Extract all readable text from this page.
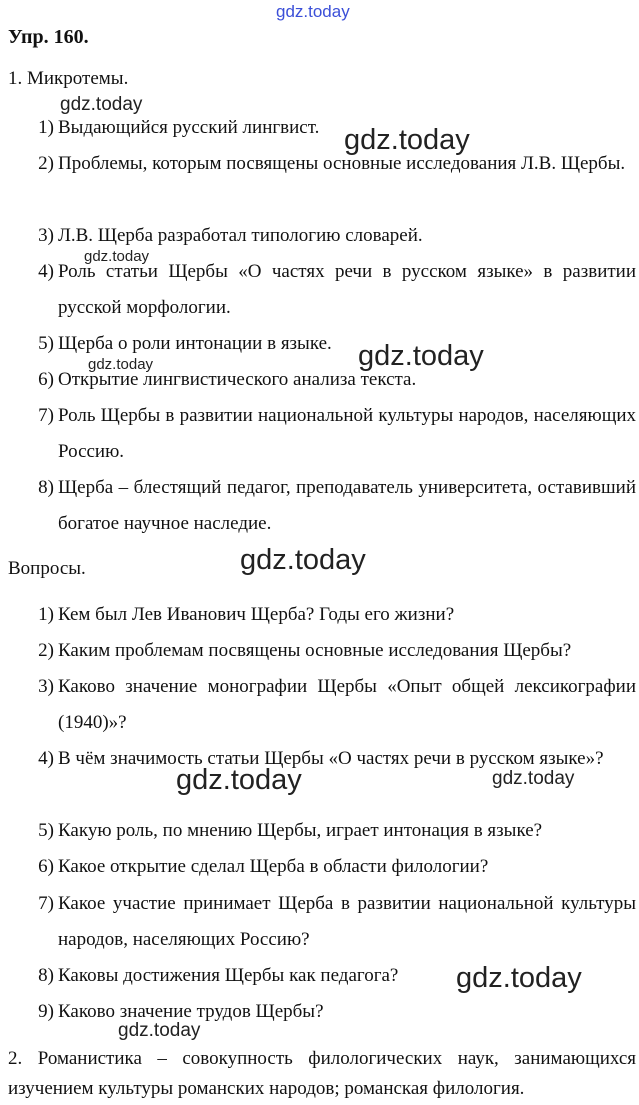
gdz.today
Упр. 160.
1. Микротемы.
1) Выдающийся русский лингвист.
2) Проблемы, которым посвящены основные исследования Л.В. Щербы.
3) Л.В. Щерба разработал типологию словарей.
4) Роль статьи Щербы «О частях речи в русском языке» в развитии русской морфологии.
5) Щерба о роли интонации в языке.
6) Открытие лингвистического анализа текста.
7) Роль Щербы в развитии национальной культуры народов, населяющих Россию.
8) Щерба – блестящий педагог, преподаватель университета, оставивший богатое научное наследие.
Вопросы.
1) Кем был Лев Иванович Щерба? Годы его жизни?
2) Каким проблемам посвящены основные исследования Щербы?
3) Каково значение монографии Щербы «Опыт общей лексикографии (1940)»?
4) В чём значимость статьи Щербы «О частях речи в русском языке»?
5) Какую роль, по мнению Щербы, играет интонация в языке?
6) Какое открытие сделал Щерба в области филологии?
7) Какое участие принимает Щерба в развитии национальной культуры народов, населяющих Россию?
8) Каковы достижения Щербы как педагога?
9) Каково значение трудов Щербы?
2. Романистика – совокупность филологических наук, занимающихся изучением культуры романских народов; романская филология.
gdz.today
gdz.today
gdz.today
gdz.today	gdz.today
gdz.today
gdz.today	gdz.today
gdz.today
gdz.today
